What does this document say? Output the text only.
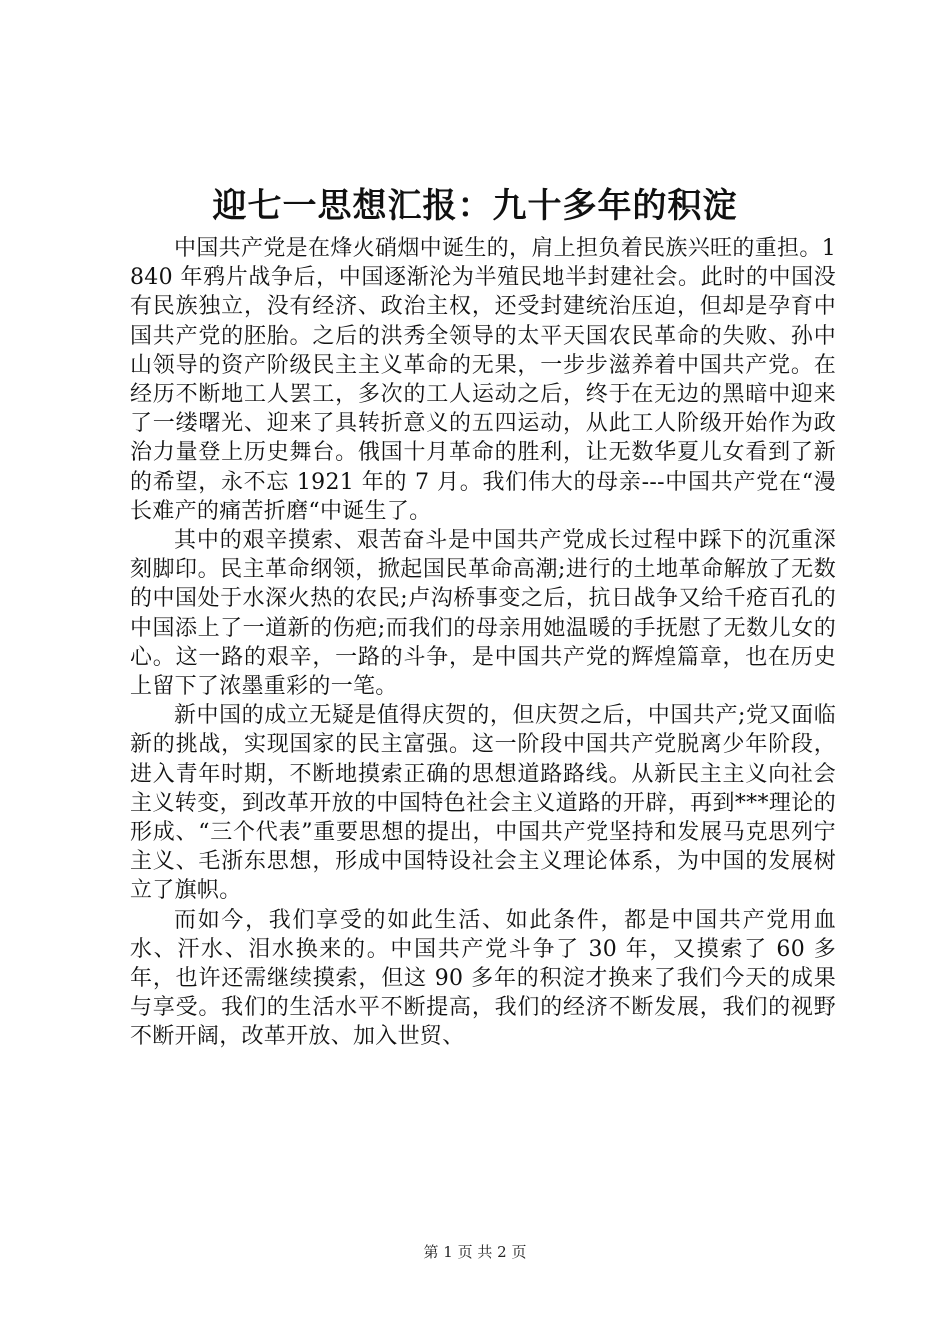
迎七一思想汇报：九十多年的积淀

中国共产党是在烽火硝烟中诞生的，肩上担负着民族兴旺的重担。1840 年鸦片战争后，中国逐渐沦为半殖民地半封建社会。此时的中国没有民族独立，没有经济、政治主权，还受封建统治压迫，但却是孕育中国共产党的胚胎。之后的洪秀全领导的太平天国农民革命的失败、孙中山领导的资产阶级民主主义革命的无果，一步步滋养着中国共产党。在经历不断地工人罢工，多次的工人运动之后，终于在无边的黑暗中迎来了一缕曙光、迎来了具转折意义的五四运动，从此工人阶级开始作为政治力量登上历史舞台。俄国十月革命的胜利，让无数华夏儿女看到了新的希望，永不忘 1921 年的 7 月。我们伟大的母亲---中国共产党在“漫长难产的痛苦折磨“中诞生了。

其中的艰辛摸索、艰苦奋斗是中国共产党成长过程中踩下的沉重深刻脚印。民主革命纲领，掀起国民革命高潮;进行的土地革命解放了无数的中国处于水深火热的农民;卢沟桥事变之后，抗日战争又给千疮百孔的中国添上了一道新的伤疤;而我们的母亲用她温暖的手抚慰了无数儿女的心。这一路的艰辛，一路的斗争，是中国共产党的辉煌篇章，也在历史上留下了浓墨重彩的一笔。

新中国的成立无疑是值得庆贺的，但庆贺之后，中国共产;党又面临新的挑战，实现国家的民主富强。这一阶段中国共产党脱离少年阶段，进入青年时期，不断地摸索正确的思想道路路线。从新民主主义向社会主义转变，到改革开放的中国特色社会主义道路的开辟，再到***理论的形成、“三个代表”重要思想的提出，中国共产党坚持和发展马克思列宁主义、毛浙东思想，形成中国特设社会主义理论体系，为中国的发展树立了旗帜。

而如今，我们享受的如此生活、如此条件，都是中国共产党用血水、汗水、泪水换来的。中国共产党斗争了 30 年，又摸索了 60 多年，也许还需继续摸索，但这 90 多年的积淀才换来了我们今天的成果与享受。我们的生活水平不断提高，我们的经济不断发展，我们的视野不断开阔，改革开放、加入世贸、

第 1 页 共 2 页
